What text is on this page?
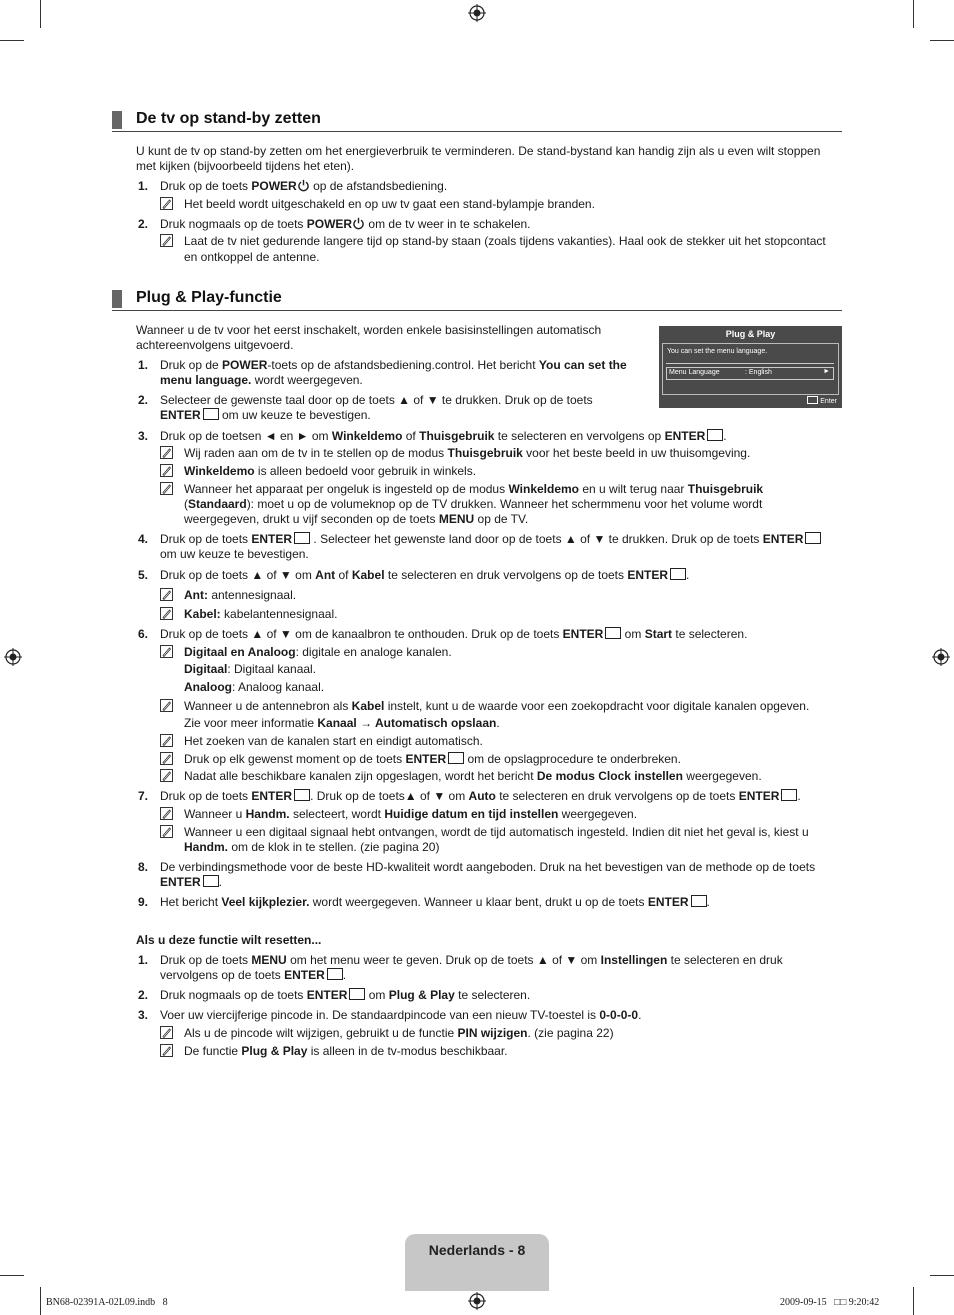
De tv op stand-by zetten
U kunt de tv op stand-by zetten om het energieverbruik te verminderen. De stand-bystand kan handig zijn als u even wilt stoppen met kijken (bijvoorbeeld tijdens het eten).
1. Druk op de toets POWER op de afstandsbediening.
Het beeld wordt uitgeschakeld en op uw tv gaat een stand-bylampje branden.
2. Druk nogmaals op de toets POWER om de tv weer in te schakelen.
Laat de tv niet gedurende langere tijd op stand-by staan (zoals tijdens vakanties). Haal ook de stekker uit het stopcontact
en ontkoppel de antenne.
Plug & Play-functie
Wanneer u de tv voor het eerst inschakelt, worden enkele basisinstellingen automatisch
achtereenvolgens uitgevoerd.
Plug & Play
You can set the menu language.
Menu Language	: English	►
Enter
1. Druk op de POWER-toets op de afstandsbediening.control. Het bericht You can set the
menu language. wordt weergegeven.
2. Selecteer de gewenste taal door op de toets ▲ of ▼ te drukken. Druk op de toets
ENTER om uw keuze te bevestigen.
3. Druk op de toetsen ◄ en ► om Winkeldemo of Thuisgebruik te selecteren en vervolgens op ENTER .
Wij raden aan om de tv in te stellen op de modus Thuisgebruik voor het beste beeld in uw thuisomgeving.
Winkeldemo is alleen bedoeld voor gebruik in winkels.
Wanneer het apparaat per ongeluk is ingesteld op de modus Winkeldemo en u wilt terug naar Thuisgebruik
(Standaard): moet u op de volumeknop op de TV drukken. Wanneer het schermmenu voor het volume wordt
weergegeven, drukt u vijf seconden op de toets MENU op de TV.
4. Druk op de toets ENTER . Selecteer het gewenste land door op de toets ▲ of ▼ te drukken. Druk op de toets ENTER
om uw keuze te bevestigen.
5. Druk op de toets ▲ of ▼ om Ant of Kabel te selecteren en druk vervolgens op de toets ENTER .
Ant: antennesignaal.
Kabel: kabelantennesignaal.
6. Druk op de toets ▲ of ▼ om de kanaalbron te onthouden. Druk op de toets ENTER om Start te selecteren.
Digitaal en Analoog: digitale en analoge kanalen.
Digitaal: Digitaal kanaal.
Analoog: Analoog kanaal.
Wanneer u de antennebron als Kabel instelt, kunt u de waarde voor een zoekopdracht voor digitale kanalen opgeven.
Zie voor meer informatie Kanaal → Automatisch opslaan.
Het zoeken van de kanalen start en eindigt automatisch.
Druk op elk gewenst moment op de toets ENTER om de opslagprocedure te onderbreken.
Nadat alle beschikbare kanalen zijn opgeslagen, wordt het bericht De modus Clock instellen weergegeven.
7. Druk op de toets ENTER . Druk op de toets▲ of ▼ om Auto te selecteren en druk vervolgens op de toets ENTER .
Wanneer u Handm. selecteert, wordt Huidige datum en tijd instellen weergegeven.
Wanneer u een digitaal signaal hebt ontvangen, wordt de tijd automatisch ingesteld. Indien dit niet het geval is, kiest u
Handm. om de klok in te stellen. (zie pagina 20)
8. De verbindingsmethode voor de beste HD-kwaliteit wordt aangeboden. Druk na het bevestigen van de methode op de toets
ENTER .
9. Het bericht Veel kijkplezier. wordt weergegeven. Wanneer u klaar bent, drukt u op de toets ENTER .
Als u deze functie wilt resetten...
1. Druk op de toets MENU om het menu weer te geven. Druk op de toets ▲ of ▼ om Instellingen te selecteren en druk
vervolgens op de toets ENTER .
2. Druk nogmaals op de toets ENTER om Plug & Play te selecteren.
3. Voer uw viercijferige pincode in. De standaardpincode van een nieuw TV-toestel is 0-0-0-0.
Als u de pincode wilt wijzigen, gebruikt u de functie PIN wijzigen. (zie pagina 22)
De functie Plug & Play is alleen in de tv-modus beschikbaar.
Nederlands - 8
BN68-02391A-02L09.indb   8	2009-09-15   □□ 9:20:42
